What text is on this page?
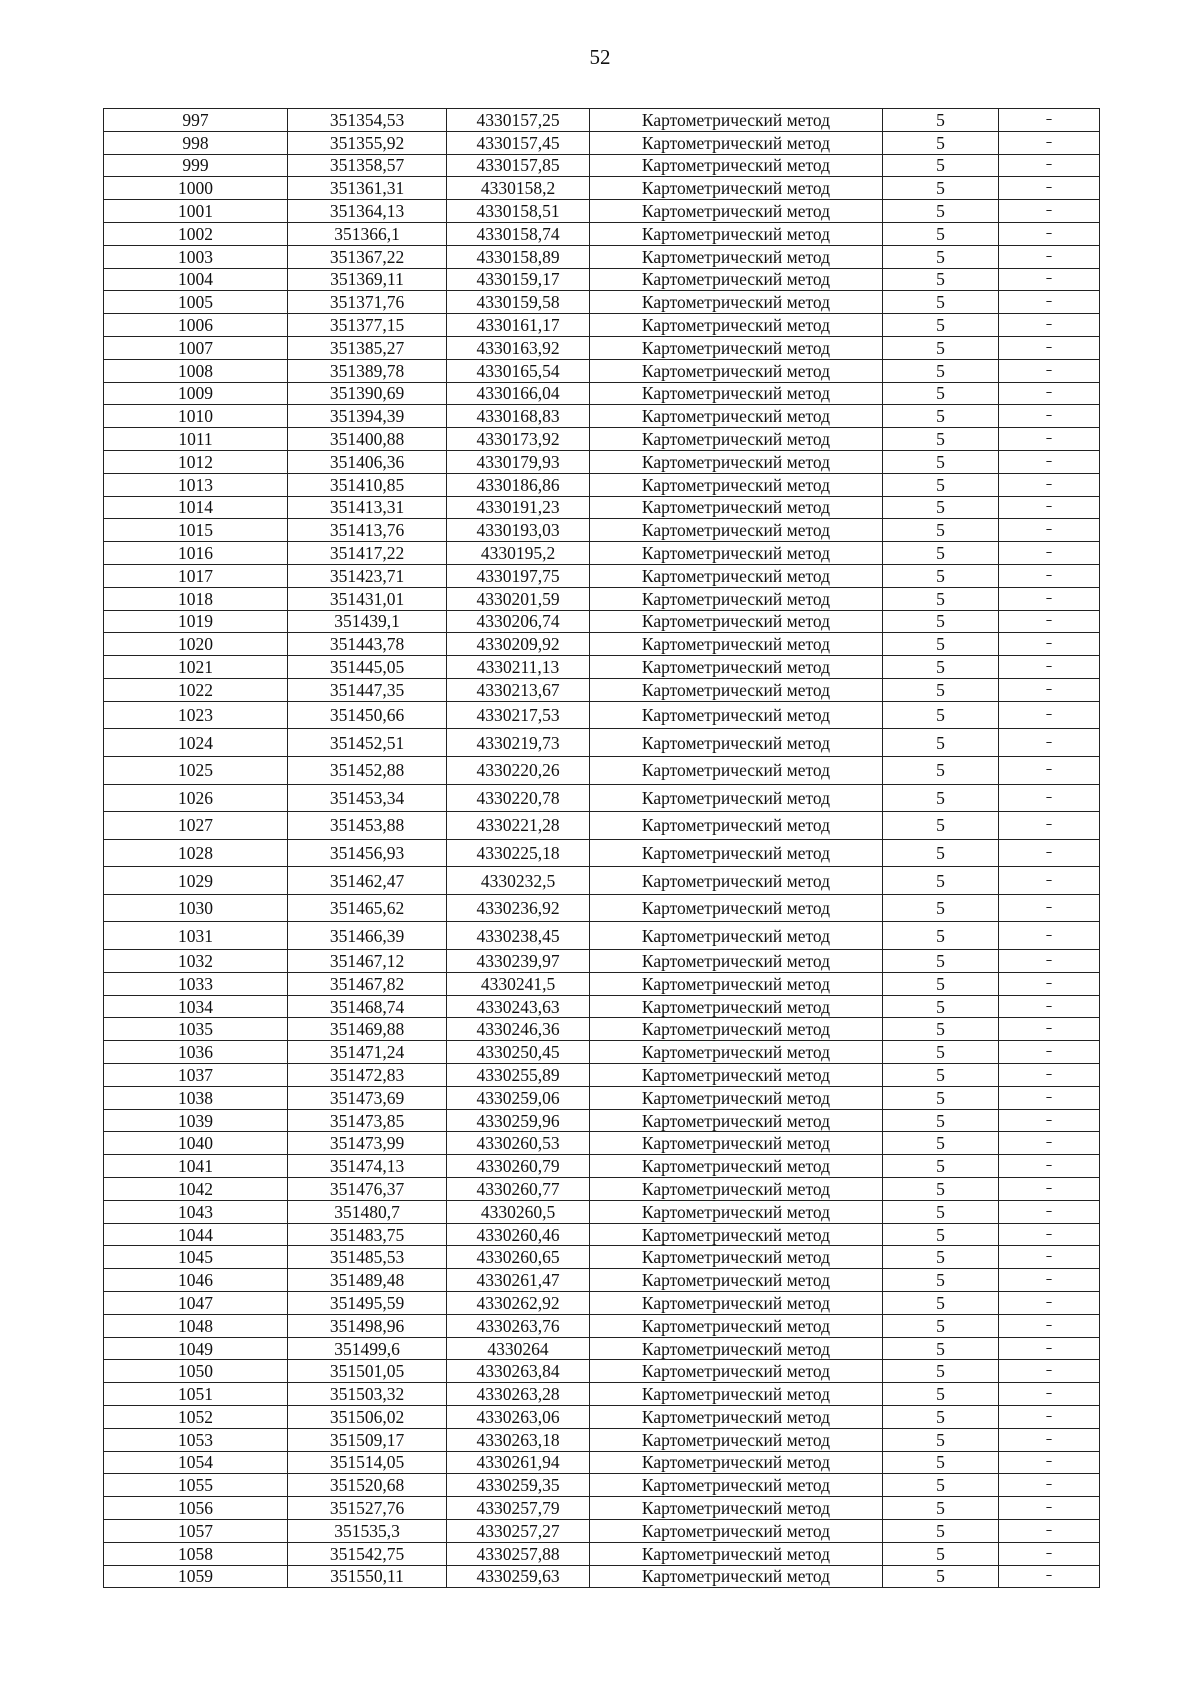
52
997	351354,53	4330157,25	Картометрический метод	5	–
998	351355,92	4330157,45	Картометрический метод	5	–
999	351358,57	4330157,85	Картометрический метод	5	–
1000	351361,31	4330158,2	Картометрический метод	5	–
1001	351364,13	4330158,51	Картометрический метод	5	–
1002	351366,1	4330158,74	Картометрический метод	5	–
1003	351367,22	4330158,89	Картометрический метод	5	–
1004	351369,11	4330159,17	Картометрический метод	5	–
1005	351371,76	4330159,58	Картометрический метод	5	–
1006	351377,15	4330161,17	Картометрический метод	5	–
1007	351385,27	4330163,92	Картометрический метод	5	–
1008	351389,78	4330165,54	Картометрический метод	5	–
1009	351390,69	4330166,04	Картометрический метод	5	–
1010	351394,39	4330168,83	Картометрический метод	5	–
1011	351400,88	4330173,92	Картометрический метод	5	–
1012	351406,36	4330179,93	Картометрический метод	5	–
1013	351410,85	4330186,86	Картометрический метод	5	–
1014	351413,31	4330191,23	Картометрический метод	5	–
1015	351413,76	4330193,03	Картометрический метод	5	–
1016	351417,22	4330195,2	Картометрический метод	5	–
1017	351423,71	4330197,75	Картометрический метод	5	–
1018	351431,01	4330201,59	Картометрический метод	5	–
1019	351439,1	4330206,74	Картометрический метод	5	–
1020	351443,78	4330209,92	Картометрический метод	5	–
1021	351445,05	4330211,13	Картометрический метод	5	–
1022	351447,35	4330213,67	Картометрический метод	5	–
1023	351450,66	4330217,53	Картометрический метод	5	–
1024	351452,51	4330219,73	Картометрический метод	5	–
1025	351452,88	4330220,26	Картометрический метод	5	–
1026	351453,34	4330220,78	Картометрический метод	5	–
1027	351453,88	4330221,28	Картометрический метод	5	–
1028	351456,93	4330225,18	Картометрический метод	5	–
1029	351462,47	4330232,5	Картометрический метод	5	–
1030	351465,62	4330236,92	Картометрический метод	5	–
1031	351466,39	4330238,45	Картометрический метод	5	–
1032	351467,12	4330239,97	Картометрический метод	5	–
1033	351467,82	4330241,5	Картометрический метод	5	–
1034	351468,74	4330243,63	Картометрический метод	5	–
1035	351469,88	4330246,36	Картометрический метод	5	–
1036	351471,24	4330250,45	Картометрический метод	5	–
1037	351472,83	4330255,89	Картометрический метод	5	–
1038	351473,69	4330259,06	Картометрический метод	5	–
1039	351473,85	4330259,96	Картометрический метод	5	–
1040	351473,99	4330260,53	Картометрический метод	5	–
1041	351474,13	4330260,79	Картометрический метод	5	–
1042	351476,37	4330260,77	Картометрический метод	5	–
1043	351480,7	4330260,5	Картометрический метод	5	–
1044	351483,75	4330260,46	Картометрический метод	5	–
1045	351485,53	4330260,65	Картометрический метод	5	–
1046	351489,48	4330261,47	Картометрический метод	5	–
1047	351495,59	4330262,92	Картометрический метод	5	–
1048	351498,96	4330263,76	Картометрический метод	5	–
1049	351499,6	4330264	Картометрический метод	5	–
1050	351501,05	4330263,84	Картометрический метод	5	–
1051	351503,32	4330263,28	Картометрический метод	5	–
1052	351506,02	4330263,06	Картометрический метод	5	–
1053	351509,17	4330263,18	Картометрический метод	5	–
1054	351514,05	4330261,94	Картометрический метод	5	–
1055	351520,68	4330259,35	Картометрический метод	5	–
1056	351527,76	4330257,79	Картометрический метод	5	–
1057	351535,3	4330257,27	Картометрический метод	5	–
1058	351542,75	4330257,88	Картометрический метод	5	–
1059	351550,11	4330259,63	Картометрический метод	5	–
